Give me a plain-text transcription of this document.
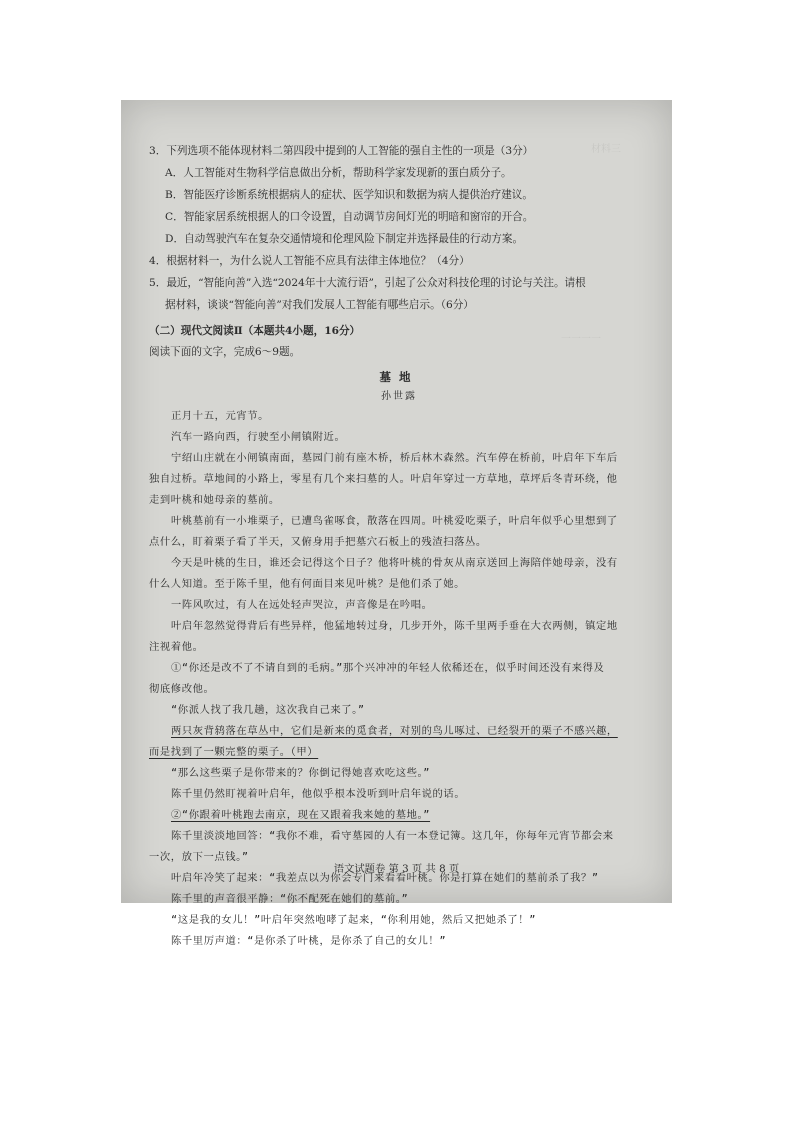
材料三
一一一一
3．下列选项不能体现材料二第四段中提到的人工智能的强自主性的一项是（3分）
A．人工智能对生物科学信息做出分析，帮助科学家发现新的蛋白质分子。
B．智能医疗诊断系统根据病人的症状、医学知识和数据为病人提供治疗建议。
C．智能家居系统根据人的口令设置，自动调节房间灯光的明暗和窗帘的开合。
D．自动驾驶汽车在复杂交通情境和伦理风险下制定并选择最佳的行动方案。
4．根据材料一，为什么说人工智能不应具有法律主体地位？（4分）
5．最近，“智能向善”入选“2024年十大流行语”，引起了公众对科技伦理的讨论与关注。请根
据材料，谈谈“智能向善”对我们发展人工智能有哪些启示。（6分）
（二）现代文阅读Ⅱ（本题共4小题，16分）
阅读下面的文字，完成6～9题。
墓地
孙世露
正月十五，元宵节。
汽车一路向西，行驶至小闸镇附近。
宁绍山庄就在小闸镇南面，墓园门前有座木桥，桥后林木森然。汽车停在桥前，叶启年下车后
独自过桥。草地间的小路上，零星有几个来扫墓的人。叶启年穿过一方草地，草坪后冬青环绕，他
走到叶桃和她母亲的墓前。
叶桃墓前有一小堆栗子，已遭鸟雀啄食，散落在四周。叶桃爱吃栗子，叶启年似乎心里想到了
点什么，盯着栗子看了半天，又俯身用手把墓穴石板上的残渣扫落丛。
今天是叶桃的生日，谁还会记得这个日子？他将叶桃的骨灰从南京送回上海陪伴她母亲，没有
什么人知道。至于陈千里，他有何面目来见叶桃？是他们杀了她。
一阵风吹过，有人在远处轻声哭泣，声音像是在吟唱。
叶启年忽然觉得背后有些异样，他猛地转过身，几步开外，陈千里两手垂在大衣两侧，镇定地
注视着他。
①“你还是改不了不请自到的毛病。”那个兴冲冲的年轻人依稀还在，似乎时间还没有来得及
彻底修改他。
“你派人找了我几趟，这次我自己来了。”
两只灰背鸫落在草丛中，它们是新来的觅食者，对别的鸟儿啄过、已经裂开的栗子不感兴趣，
而是找到了一颗完整的栗子。（甲）
“那么这些栗子是你带来的？你倒记得她喜欢吃这些。”
陈千里仍然盯视着叶启年，他似乎根本没听到叶启年说的话。
②“你跟着叶桃跑去南京，现在又跟着我来她的墓地。”
陈千里淡淡地回答：“我你不难，看守墓园的人有一本登记簿。这几年，你每年元宵节都会来
一次，放下一点钱。”
叶启年冷笑了起来：“我差点以为你会专门来看看叶桃。你是打算在她们的墓前杀了我？”
陈千里的声音很平静：“你不配死在她们的墓前。”
“这是我的女儿！”叶启年突然咆哮了起来，“你利用她，然后又把她杀了！”
陈千里厉声道：“是你杀了叶桃，是你杀了自己的女儿！”
语文试题卷 第 3 页 共 8 页
